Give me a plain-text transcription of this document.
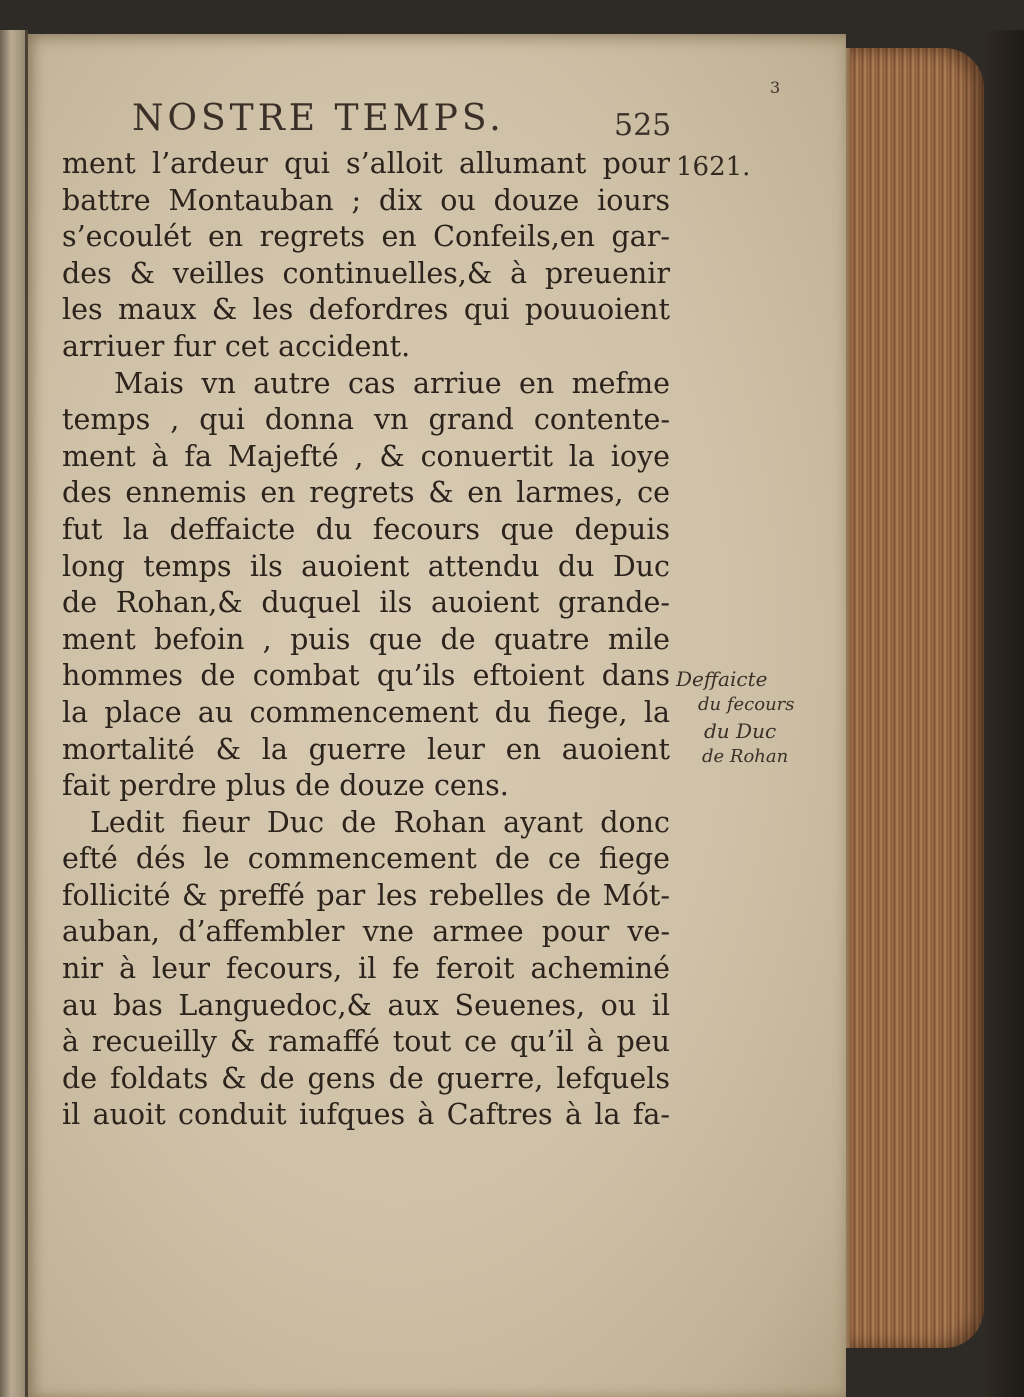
NOSTRE TEMPS.	525
3
1621.
ment l’ardeur qui s’alloit allumant pour
battre Montauban ; dix ou douze iours
s’ecoulét en regrets en Confeils,en gar-
des & veilles continuelles,& à preuenir
les maux & les defordres qui pouuoient
arriuer fur cet accident.
Mais vn autre cas arriue en mefme
temps , qui donna vn grand contente-
ment à fa Majefté , & conuertit la ioye
des ennemis en regrets & en larmes, ce
fut la deffaicte du fecours que depuis
long temps ils auoient attendu du Duc
de Rohan,& duquel ils auoient grande-
ment befoin , puis que de quatre mile
hommes de combat qu’ils eftoient dans
la place au commencement du fiege, la
mortalité & la guerre leur en auoient
fait perdre plus de douze cens.
Ledit fieur Duc de Rohan ayant donc
efté dés le commencement de ce fiege
follicité & preffé par les rebelles de Mót-
auban, d’affembler vne armee pour ve-
nir à leur fecours, il fe feroit acheminé
au bas Languedoc,& aux Seuenes, ou il
à recueilly & ramaffé tout ce qu’il à peu
de foldats & de gens de guerre, lefquels
il auoit conduit iufques à Caftres à la fa-
Deffaicte
du fecours
du Duc
de Rohan
